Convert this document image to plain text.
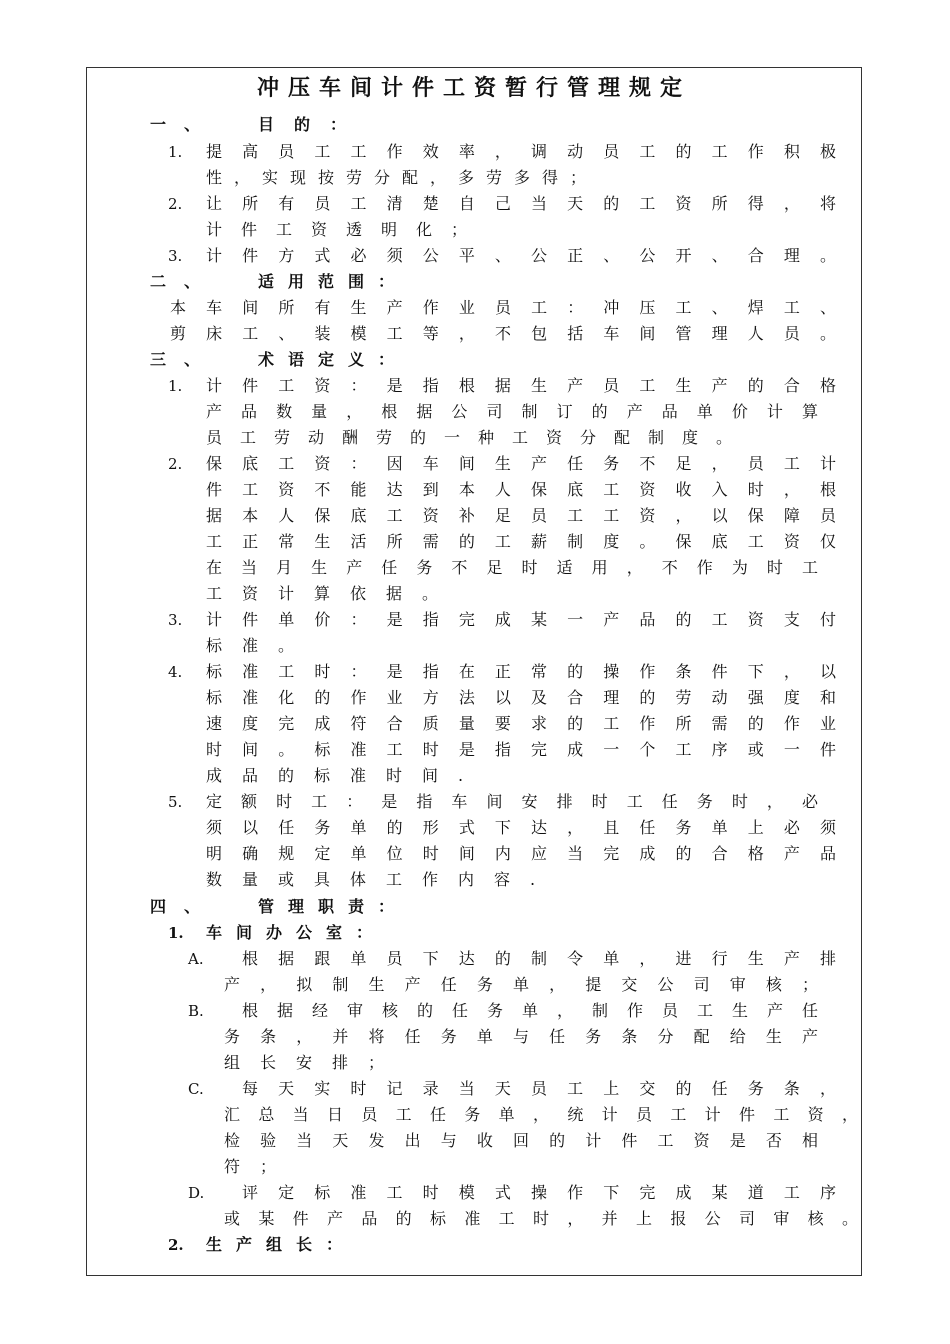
冲压车间计件工资暂行管理规定
一、 目的：
1. 提高员工工作效率，调动员工的工作积极
性，实现按劳分配，多劳多得；
2. 让所有员工清楚自己当天的工资所得，将
计件工资透明化；
3. 计件方式必须公平、公正、公开、合理。
二、 适用范围：
本车间所有生产作业员工：冲压工、焊工、
剪床工、装模工等，不包括车间管理人员。
三、 术语定义：
1. 计件工资：是指根据生产员工生产的合格
产品数量，根据公司制订的产品单价计算
员工劳动酬劳的一种工资分配制度。
2. 保底工资：因车间生产任务不足，员工计
件工资不能达到本人保底工资收入时，根
据本人保底工资补足员工工资，以保障员
工正常生活所需的工薪制度。保底工资仅
在当月生产任务不足时适用，不作为时工
工资计算依据。
3. 计件单价：是指完成某一产品的工资支付
标准。
4. 标准工时：是指在正常的操作条件下，以
标准化的作业方法以及合理的劳动强度和
速度完成符合质量要求的工作所需的作业
时间。标准工时是指完成一个工序或一件
成品的标准时间.
5. 定额时工：是指车间安排时工任务时，必
须以任务单的形式下达，且任务单上必须
明确规定单位时间内应当完成的合格产品
数量或具体工作内容.
四、 管理职责：
1. 车间办公室：
A. 根据跟单员下达的制令单，进行生产排
产，拟制生产任务单，提交公司审核；
B. 根据经审核的任务单，制作员工生产任
务条，并将任务单与任务条分配给生产
组长安排；
C. 每天实时记录当天员工上交的任务条，
汇总当日员工任务单，统计员工计件工资，
检验当天发出与收回的计件工资是否相
符；
D. 评定标准工时模式操作下完成某道工序
或某件产品的标准工时，并上报公司审核。
2. 生产组长：
